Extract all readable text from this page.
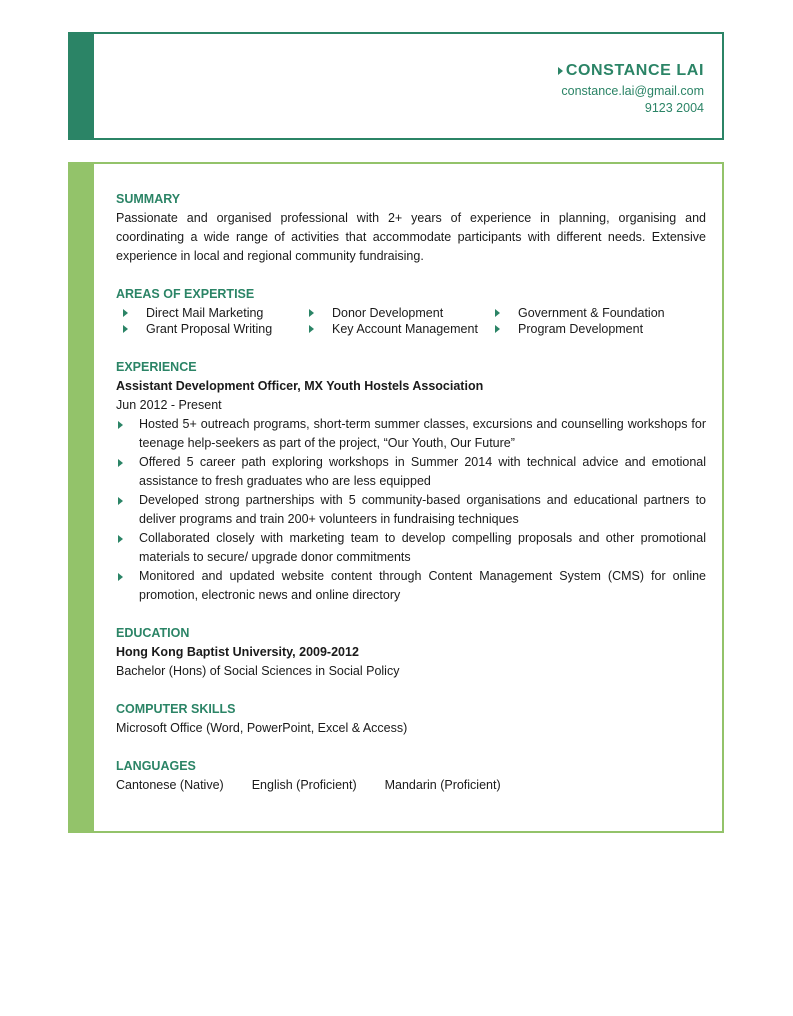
CONSTANCE LAI
constance.lai@gmail.com
9123 2004
SUMMARY
Passionate and organised professional with 2+ years of experience in planning, organising and coordinating a wide range of activities that accommodate participants with different needs. Extensive experience in local and regional community fundraising.
AREAS OF EXPERTISE
Direct Mail Marketing	Donor Development	Government & Foundation
Grant Proposal Writing	Key Account Management	Program Development
EXPERIENCE
Assistant Development Officer, MX Youth Hostels Association
Jun 2012 - Present
Hosted 5+ outreach programs, short-term summer classes, excursions and counselling workshops for teenage help-seekers as part of the project, “Our Youth, Our Future”
Offered 5 career path exploring workshops in Summer 2014 with technical advice and emotional assistance to fresh graduates who are less equipped
Developed strong partnerships with 5 community-based organisations and educational partners to deliver programs and train 200+ volunteers in fundraising techniques
Collaborated closely with marketing team to develop compelling proposals and other promotional materials to secure/ upgrade donor commitments
Monitored and updated website content through Content Management System (CMS) for online promotion, electronic news and online directory
EDUCATION
Hong Kong Baptist University, 2009-2012
Bachelor (Hons) of Social Sciences in Social Policy
COMPUTER SKILLS
Microsoft Office (Word, PowerPoint, Excel & Access)
LANGUAGES
Cantonese (Native) English (Proficient) Mandarin (Proficient)
